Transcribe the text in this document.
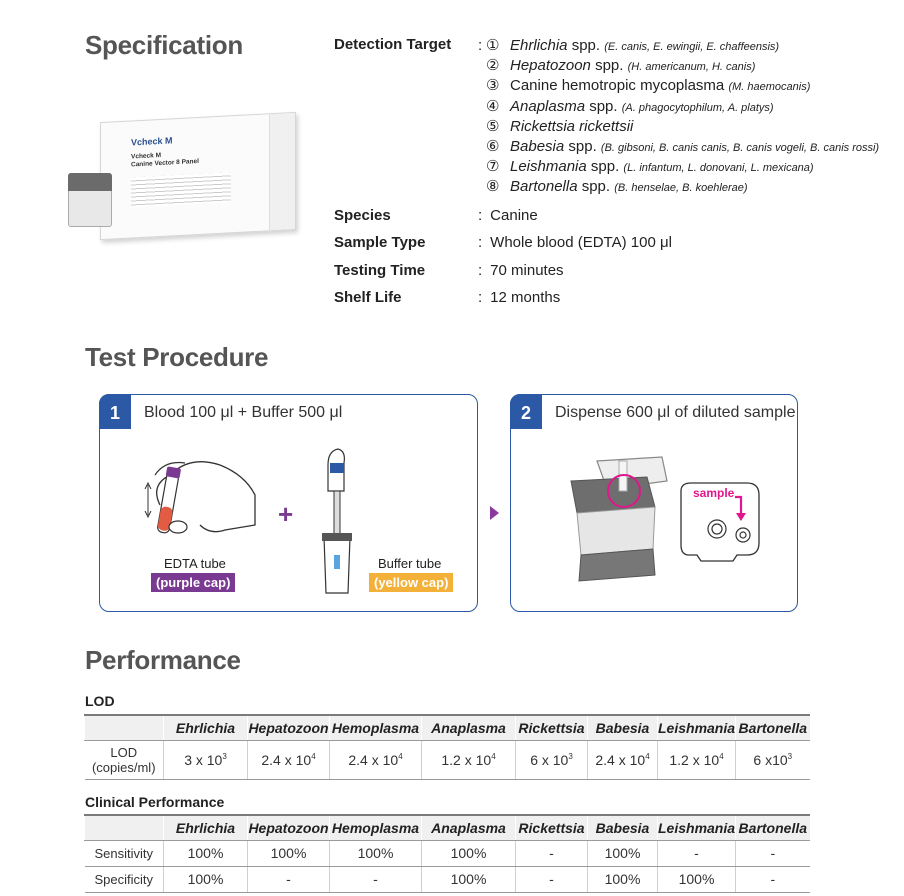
Specification
Vcheck M
Vcheck M
Canine Vector 8 Panel
Detection Target : ① Ehrlichia spp. (E. canis, E. ewingii, E. chaffeensis)
② Hepatozoon spp. (H. americanum, H. canis)
③ Canine hemotropic mycoplasma (M. haemocanis)
④ Anaplasma spp. (A. phagocytophilum, A. platys)
⑤ Rickettsia rickettsii
⑥ Babesia spp. (B. gibsoni, B. canis canis, B. canis vogeli, B. canis rossi)
⑦ Leishmania spp. (L. infantum, L. donovani, L. mexicana)
⑧ Bartonella spp. (B. henselae, B. koehlerae)
Species	: Canine
Sample Type	: Whole blood (EDTA) 100 μl
Testing Time	: 70 minutes
Shelf Life	: 12 months
Test Procedure
1	Blood 100 μl + Buffer 500 μl
+
EDTA tube
(purple cap)
Buffer tube
(yellow cap)
2	Dispense 600 μl of diluted sample
sample
Performance
LOD
	Ehrlichia	Hepatozoon	Hemoplasma	Anaplasma	Rickettsia	Babesia	Leishmania	Bartonella

LOD
(copies/ml)	3 x $10^3$	2.4 x $10^4$	2.4 x $10^4$	1.2 x $10^4$	6 x $10^3$	2.4 x $10^4$	1.2 x $10^4$	6 $x10^3$
Clinical Performance
	Ehrlichia	Hepatozoon	Hemoplasma	Anaplasma	Rickettsia	Babesia	Leishmania	Bartonella
Sensitivity	100%	100%	100%	100%	-	100%	-	-
Specificity	100%	-	-	100%	-	100%	100%	-
